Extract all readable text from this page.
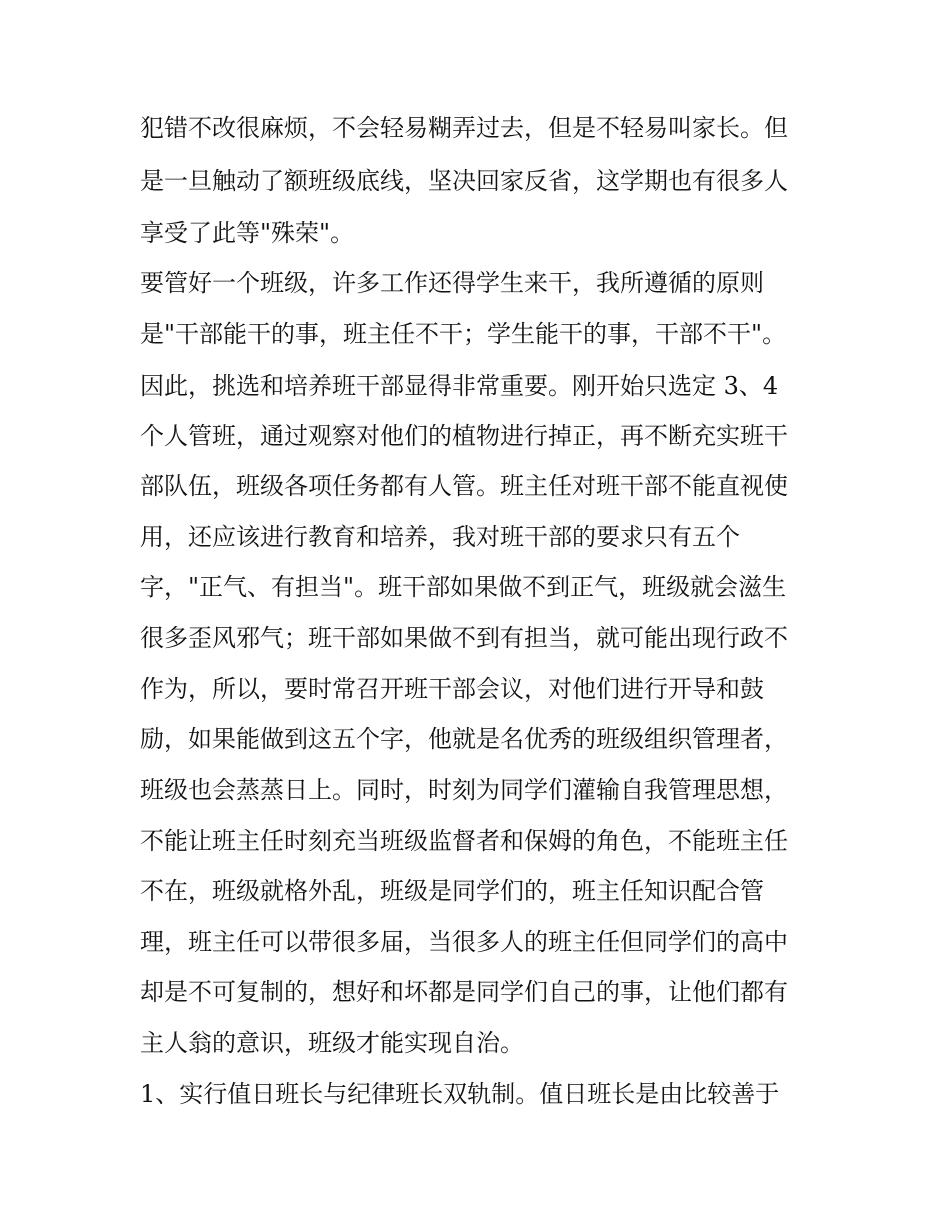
犯错不改很麻烦，不会轻易糊弄过去，但是不轻易叫家长。但
是一旦触动了额班级底线，坚决回家反省，这学期也有很多人
享受了此等"殊荣"。
要管好一个班级，许多工作还得学生来干，我所遵循的原则
是"干部能干的事，班主任不干；学生能干的事，干部不干"。
因此，挑选和培养班干部显得非常重要。刚开始只选定 3、4
个人管班，通过观察对他们的植物进行掉正，再不断充实班干
部队伍，班级各项任务都有人管。班主任对班干部不能直视使
用，还应该进行教育和培养，我对班干部的要求只有五个
字，"正气、有担当"。班干部如果做不到正气，班级就会滋生
很多歪风邪气；班干部如果做不到有担当，就可能出现行政不
作为，所以，要时常召开班干部会议，对他们进行开导和鼓
励，如果能做到这五个字，他就是名优秀的班级组织管理者，
班级也会蒸蒸日上。同时，时刻为同学们灌输自我管理思想，
不能让班主任时刻充当班级监督者和保姆的角色，不能班主任
不在，班级就格外乱，班级是同学们的，班主任知识配合管
理，班主任可以带很多届，当很多人的班主任但同学们的高中
却是不可复制的，想好和坏都是同学们自己的事，让他们都有
主人翁的意识，班级才能实现自治。
1、实行值日班长与纪律班长双轨制。值日班长是由比较善于
